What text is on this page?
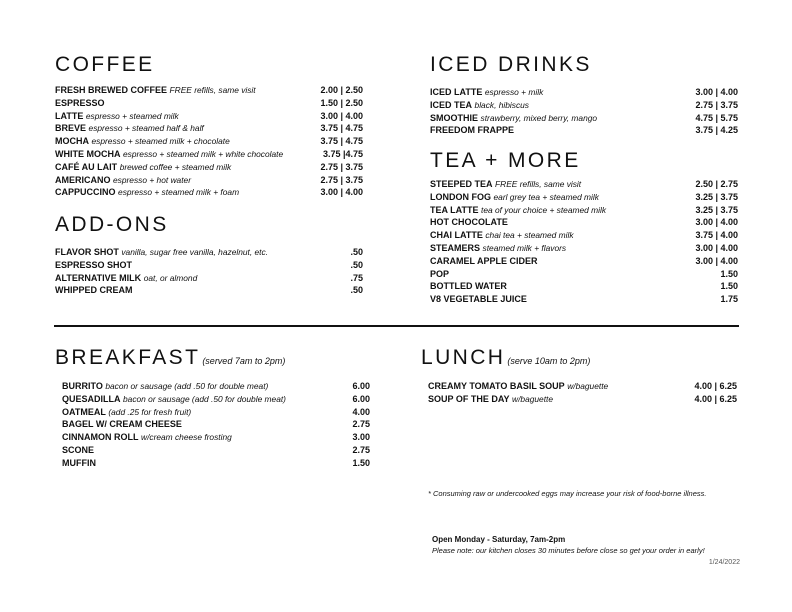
COFFEE
FRESH BREWED COFFEE FREE refills, same visit	2.00 | 2.50
ESPRESSO	1.50 | 2.50
LATTE espresso + steamed milk	3.00 | 4.00
BREVE espresso + steamed half & half	3.75 | 4.75
MOCHA espresso + steamed milk + chocolate	3.75 | 4.75
WHITE MOCHA espresso + steamed milk + white chocolate	3.75 |4.75
CAFÉ AU LAIT brewed coffee + steamed milk	2.75 | 3.75
AMERICANO espresso + hot water	2.75 | 3.75
CAPPUCCINO espresso + steamed milk + foam	3.00 | 4.00
ADD-ONS
FLAVOR SHOT vanilla, sugar free vanilla, hazelnut, etc.	.50
ESPRESSO SHOT	.50
ALTERNATIVE MILK oat, or almond	.75
WHIPPED CREAM	.50
ICED DRINKS
ICED LATTE espresso + milk	3.00 | 4.00
ICED TEA black, hibiscus	2.75 | 3.75
SMOOTHIE strawberry, mixed berry, mango	4.75 | 5.75
FREEDOM FRAPPE	3.75 | 4.25
TEA + MORE
STEEPED TEA FREE refills, same visit	2.50 | 2.75
LONDON FOG earl grey tea + steamed milk	3.25 | 3.75
TEA LATTE tea of your choice + steamed milk	3.25 | 3.75
HOT CHOCOLATE	3.00 | 4.00
CHAI LATTE chai tea + steamed milk	3.75 | 4.00
STEAMERS steamed milk + flavors	3.00 | 4.00
CARAMEL APPLE CIDER	3.00 | 4.00
POP	1.50
BOTTLED WATER	1.50
V8 VEGETABLE JUICE	1.75
BREAKFAST (served 7am to 2pm)
BURRITO bacon or sausage (add .50 for double meat)	6.00
QUESADILLA bacon or sausage (add .50 for double meat)	6.00
OATMEAL (add .25 for fresh fruit)	4.00
BAGEL W/ CREAM CHEESE	2.75
CINNAMON ROLL w/cream cheese frosting	3.00
SCONE	2.75
MUFFIN	1.50
LUNCH (serve 10am to 2pm)
CREAMY TOMATO BASIL SOUP w/baguette	4.00 | 6.25
SOUP OF THE DAY w/baguette	4.00 | 6.25
* Consuming raw or undercooked eggs may increase your risk of food-borne illness.
Open Monday - Saturday, 7am-2pm
Please note: our kitchen closes 30 minutes before close so get your order in early!
1/24/2022
